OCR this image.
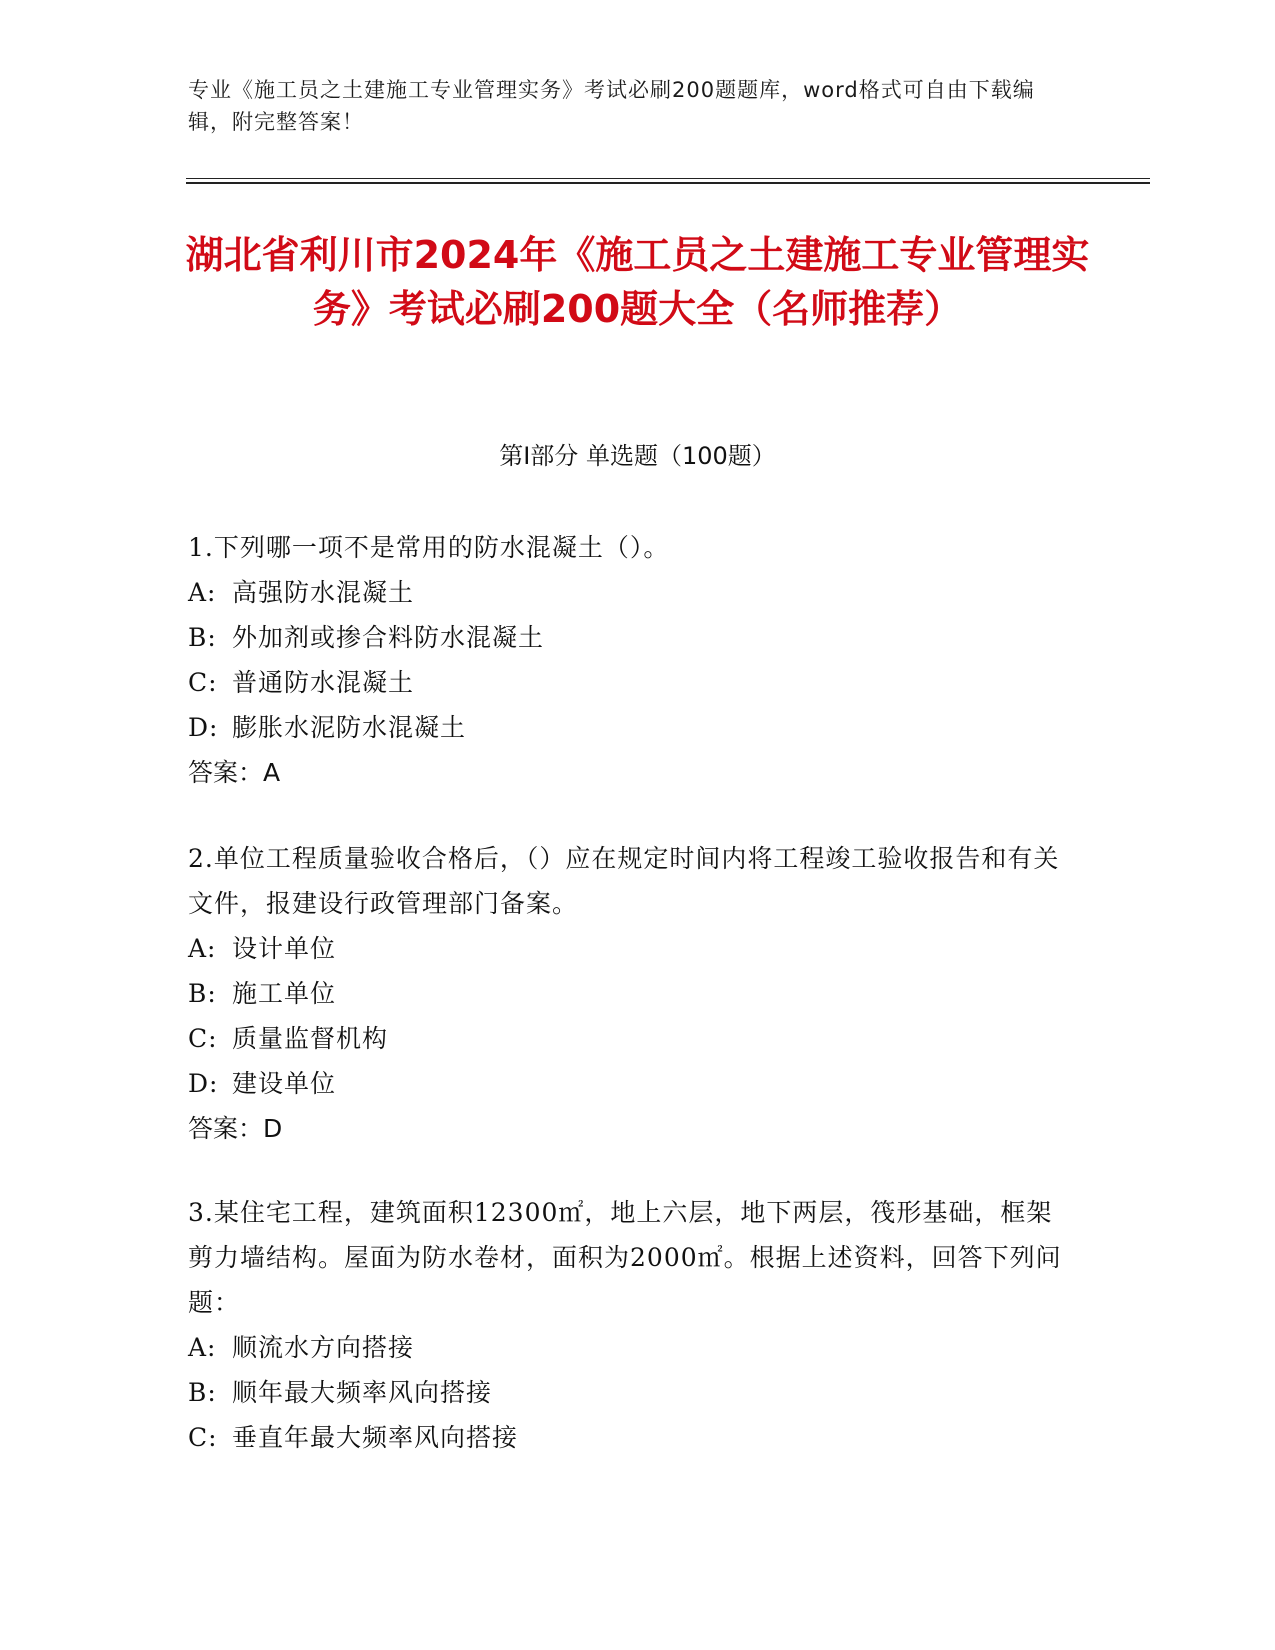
专业《施工员之土建施工专业管理实务》考试必刷200题题库，word格式可自由下载编辑，附完整答案！
湖北省利川市2024年《施工员之土建施工专业管理实务》考试必刷200题大全（名师推荐）
第I部分 单选题（100题）

1.下列哪一项不是常用的防水混凝土（）。

A: 高强防水混凝土

B: 外加剂或掺合料防水混凝土

C: 普通防水混凝土

D: 膨胀水泥防水混凝土

答案：A

2.单位工程质量验收合格后，（）应在规定时间内将工程竣工验收报告和有关文件，报建设行政管理部门备案。

A: 设计单位

B: 施工单位

C: 质量监督机构

D: 建设单位

答案：D

3.某住宅工程，建筑面积12300㎡，地上六层，地下两层，筏形基础，框架剪力墙结构。屋面为防水卷材，面积为2000㎡。根据上述资料，回答下列问题：

A: 顺流水方向搭接

B: 顺年最大频率风向搭接

C: 垂直年最大频率风向搭接
